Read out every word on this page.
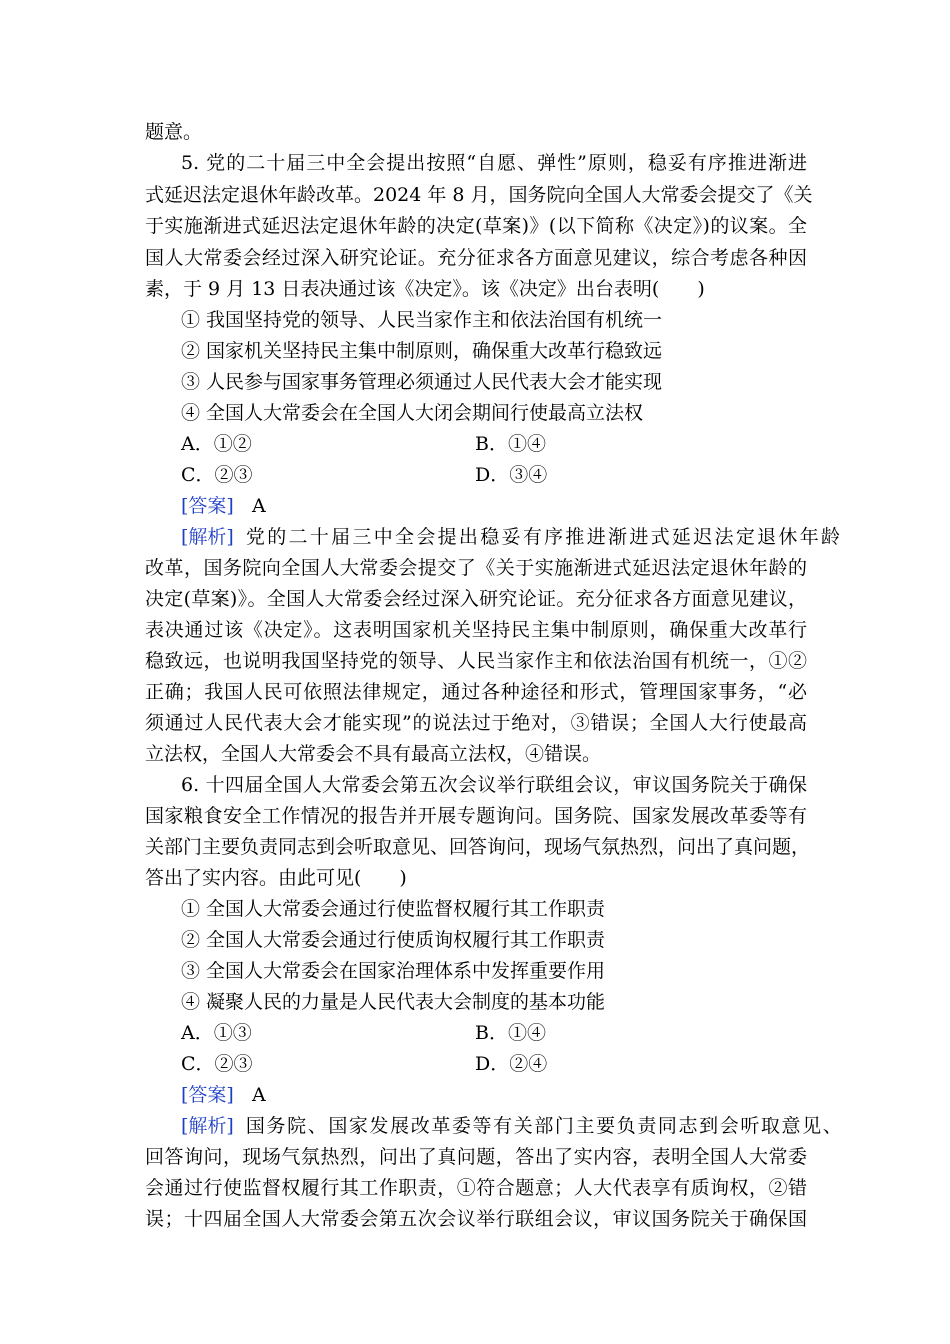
题意。
5. 党的二十届三中全会提出按照“自愿、弹性”原则，稳妥有序推进渐进
式延迟法定退休年龄改革。2024 年 8 月，国务院向全国人大常委会提交了《关
于实施渐进式延迟法定退休年龄的决定(草案)》(以下简称《决定》)的议案。全
国人大常委会经过深入研究论证。充分征求各方面意见建议，综合考虑各种因
素，于 9 月 13 日表决通过该《决定》。该《决定》出台表明(　　)
① 我国坚持党的领导、人民当家作主和依法治国有机统一
② 国家机关坚持民主集中制原则，确保重大改革行稳致远
③ 人民参与国家事务管理必须通过人民代表大会才能实现
④ 全国人大常委会在全国人大闭会期间行使最高立法权
A．①②	B．①④
C．②③	D．③④
[答案] A
[解析] 党的二十届三中全会提出稳妥有序推进渐进式延迟法定退休年龄
改革，国务院向全国人大常委会提交了《关于实施渐进式延迟法定退休年龄的
决定(草案)》。全国人大常委会经过深入研究论证。充分征求各方面意见建议，
表决通过该《决定》。这表明国家机关坚持民主集中制原则，确保重大改革行
稳致远，也说明我国坚持党的领导、人民当家作主和依法治国有机统一，①②
正确；我国人民可依照法律规定，通过各种途径和形式，管理国家事务，“必
须通过人民代表大会才能实现”的说法过于绝对，③错误；全国人大行使最高
立法权，全国人大常委会不具有最高立法权，④错误。
6. 十四届全国人大常委会第五次会议举行联组会议，审议国务院关于确保
国家粮食安全工作情况的报告并开展专题询问。国务院、国家发展改革委等有
关部门主要负责同志到会听取意见、回答询问，现场气氛热烈，问出了真问题，
答出了实内容。由此可见(　　)
① 全国人大常委会通过行使监督权履行其工作职责
② 全国人大常委会通过行使质询权履行其工作职责
③ 全国人大常委会在国家治理体系中发挥重要作用
④ 凝聚人民的力量是人民代表大会制度的基本功能
A．①③	B．①④
C．②③	D．②④
[答案] A
[解析] 国务院、国家发展改革委等有关部门主要负责同志到会听取意见、
回答询问，现场气氛热烈，问出了真问题，答出了实内容，表明全国人大常委
会通过行使监督权履行其工作职责，①符合题意；人大代表享有质询权，②错
误；十四届全国人大常委会第五次会议举行联组会议，审议国务院关于确保国
